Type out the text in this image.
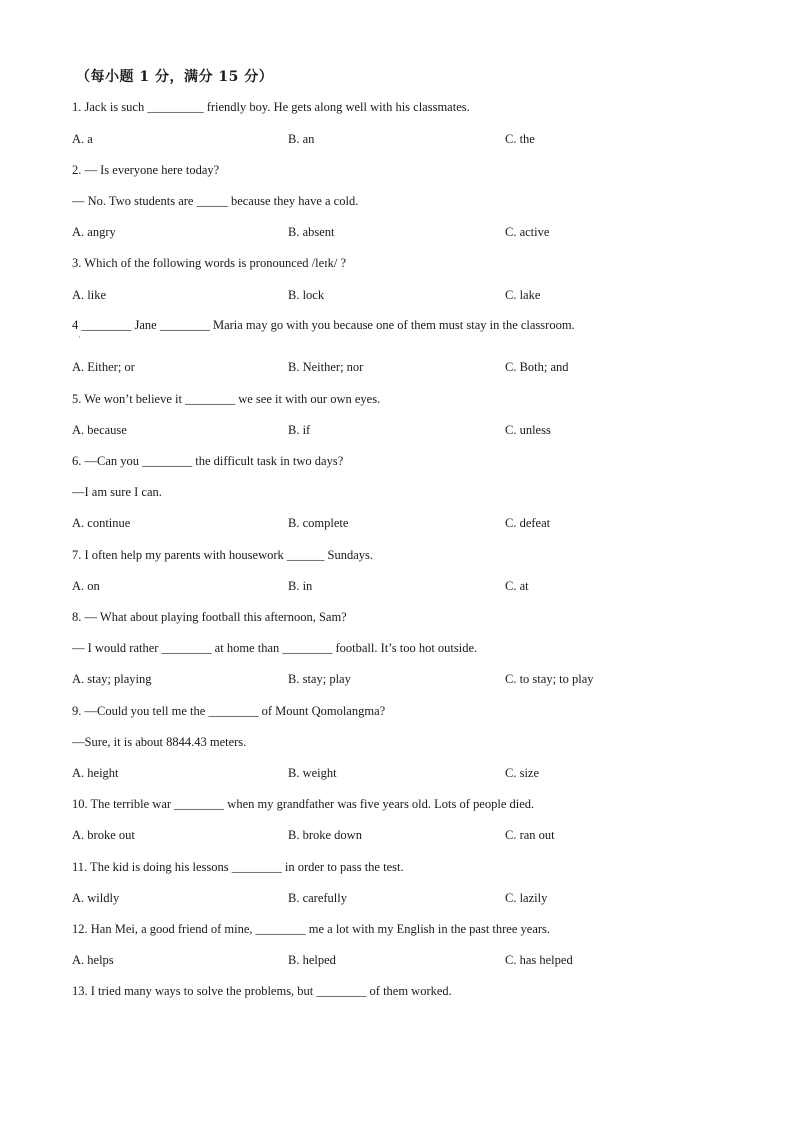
（每小题 1 分，满分 15 分）
1. Jack is such _________ friendly boy. He gets along well with his classmates.
A. a	B. an	C. the
2. — Is everyone here today?
— No. Two students are _____ because they have a cold.
A. angry	B. absent	C. active
3. Which of the following words is pronounced /leɪk/ ?
A. like	B. lock	C. lake
4 ________ Jane ________ Maria may go with you because one of them must stay in the classroom.
·
A. Either; or	B. Neither; nor	C. Both; and
5. We won’t believe it ________ we see it with our own eyes.
A. because	B. if	C. unless
6. —Can you ________ the difficult task in two days?
—I am sure I can.
A. continue	B. complete	C. defeat
7. I often help my parents with housework ______ Sundays.
A. on	B. in	C. at
8. — What about playing football this afternoon, Sam?
— I would rather ________ at home than ________ football. It’s too hot outside.
A. stay; playing	B. stay; play	C. to stay; to play
9. —Could you tell me the ________ of Mount Qomolangma?
—Sure, it is about 8844.43 meters.
A. height	B. weight	C. size
10. The terrible war ________ when my grandfather was five years old. Lots of people died.
A. broke out	B. broke down	C. ran out
11. The kid is doing his lessons ________ in order to pass the test.
A. wildly	B. carefully	C. lazily
12. Han Mei, a good friend of mine, ________ me a lot with my English in the past three years.
A. helps	B. helped	C. has helped
13. I tried many ways to solve the problems, but ________ of them worked.
